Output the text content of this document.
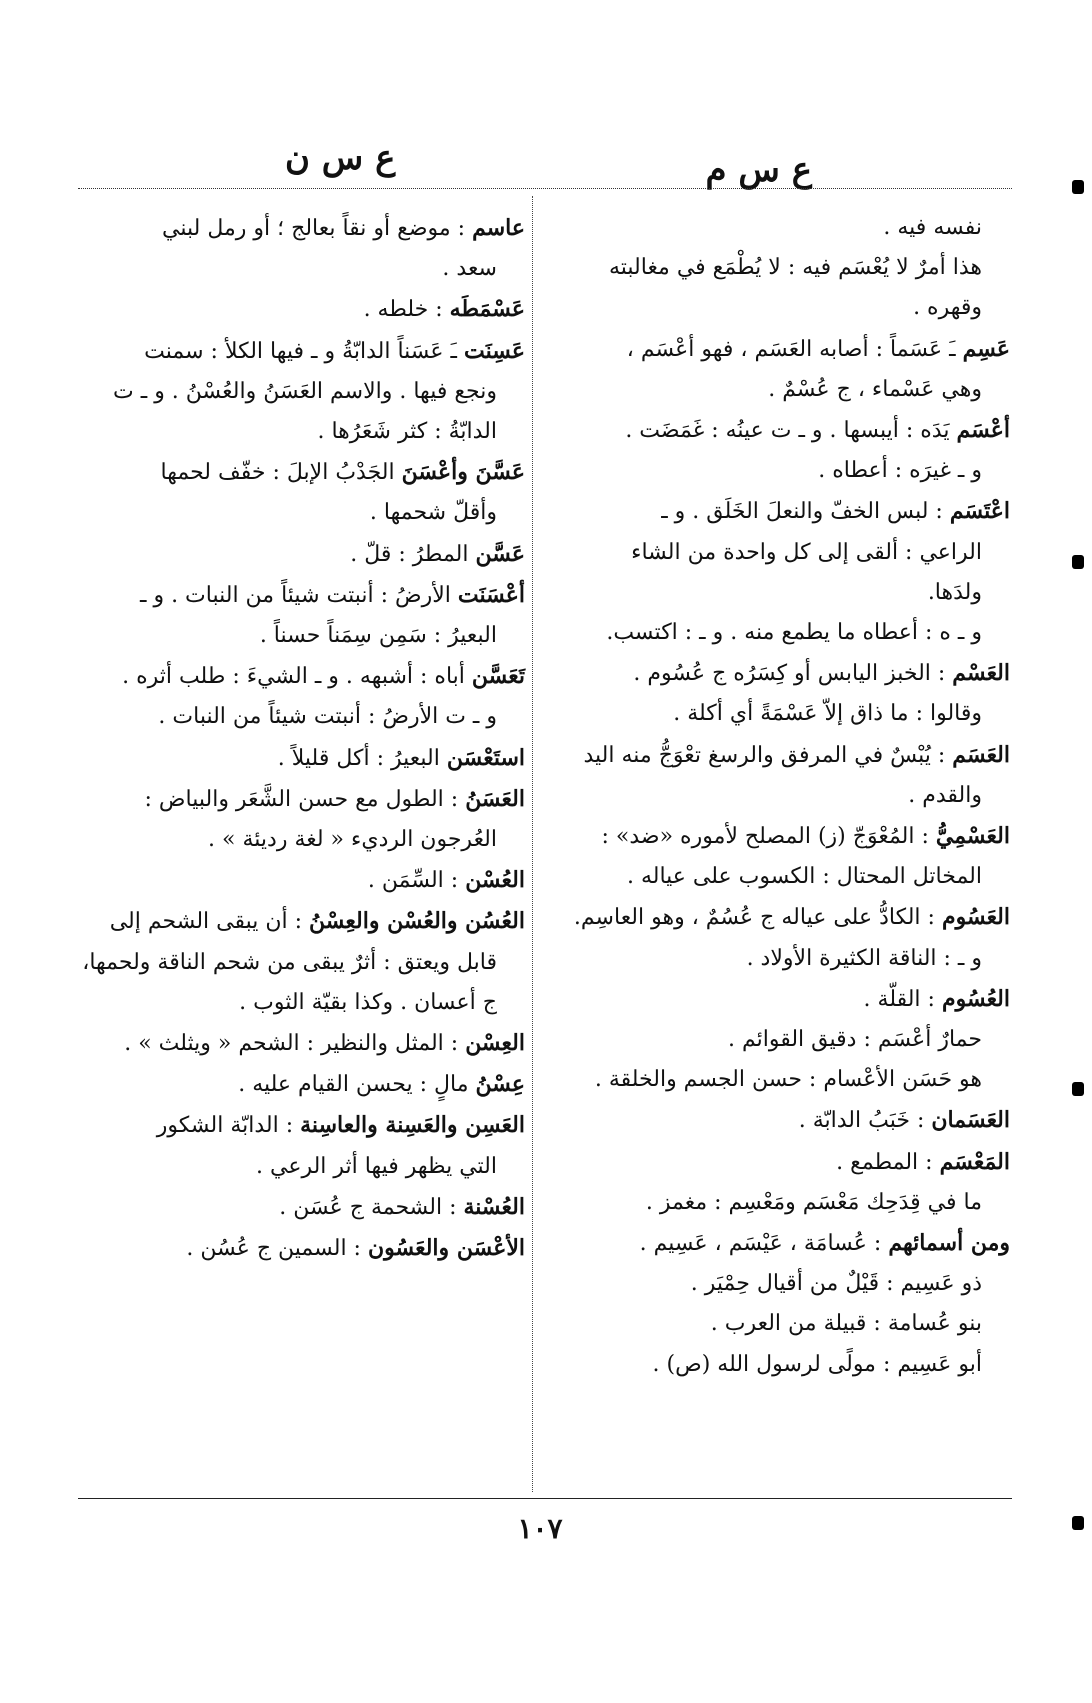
ع س م
ع س ن

نفسه فيه .

هذا أمرٌ لا يُعْسَم فيه : لا يُطْمَع في مغالبته

وقهره .

عَسِم ـَ عَسَماً : أصابه العَسَم ، فهو أعْسَم ،

وهي عَسْماء ، ج عُسْمٌ .

أعْسَم يَدَه : أيبسها . و ـ ت عينُه : غَمَضَت .

و ـ غيرَه : أعطاه .

اعْتَسَم : لبس الخفّ والنعلَ الخَلَق . و ـ

الراعي : ألقى إلى كل واحدة من الشاء ولدَها.

و ـ ه : أعطاه ما يطمع منه . و ـ : اكتسب.

العَسْم : الخبز اليابس أو كِسَرُه ج عُسُوم .

وقالوا : ما ذاق إلاّ عَسْمَةً أي أكلة .

العَسَم : يُبْسٌ في المرفق والرسغ تعْوَجُّ منه اليد

والقدم .

العَسْمِيُّ : المُعْوَجّ (ز) المصلح لأموره «ضد» :

المخاتل المحتال : الكسوب على عياله .

العَسُوم : الكادُّ على عياله ج عُسُمٌ ، وهو العاسِم.

و ـ : الناقة الكثيرة الأولاد .

العُسُوم : القلّة .

حمارٌ أعْسَم : دقيق القوائم .

هو حَسَن الأعْسام : حسن الجسم والخلقة .

العَسَمان : خَبَبُ الدابّة .

المَعْسَم : المطمع .

ما في قِدَحِك مَعْسَم ومَعْسِم : مغمز .

ومن أسمائهم : عُسامَة ، عَيْسَم ، عَسِيم .

ذو عَسِيم : قَيْلٌ من أقيال حِمْيَر .

بنو عُسامة : قبيلة من العرب .

أبو عَسِيم : مولًى لرسول الله (ص) .

عاسم : موضع أو نقاً بعالج ؛ أو رمل لبني

سعد .

عَسْمَطَه : خلطه .

عَسِنَت ـَ عَسَناً الدابّةُ و ـ فيها الكلأ : سمنت

ونجع فيها . والاسم العَسَنُ والعُسْنُ . و ـ ت

الدابّةُ : كثر شَعَرُها .

عَسَّنَ وأعْسَنَ الجَدْبُ الإبلَ : خفّف لحمها

وأقلّ شحمها .

عَسَّن المطرُ : قلّ .

أعْسَنَت الأرضُ : أنبتت شيئاً من النبات . و ـ

البعيرُ : سَمِن سِمَناً حسناً .

تَعَسَّن أباه : أشبهه . و ـ الشيءَ : طلب أثره .

و ـ ت الأرضُ : أنبتت شيئاً من النبات .

استَعْسَن البعيرُ : أكل قليلاً .

العَسَنُ : الطول مع حسن الشَّعَر والبياض :

العُرجون الرديء « لغة رديئة » .

العُسْن : السِّمَن .

العُسُن والعُسْن والعِسْنُ : أن يبقى الشحم إلى

قابل ويعتق : أثرٌ يبقى من شحم الناقة ولحمها،

ج أعسان . وكذا بقيّة الثوب .

العِسْن : المثل والنظير : الشحم « ويثلث » .

عِسْنُ مالٍ : يحسن القيام عليه .

العَسِن والعَسِنة والعاسِنة : الدابّة الشكور

التي يظهر فيها أثر الرعي .

العُسْنة : الشحمة ج عُسَن .

الأعْسَن والعَسُون : السمين ج عُسُن .

١٠٧
